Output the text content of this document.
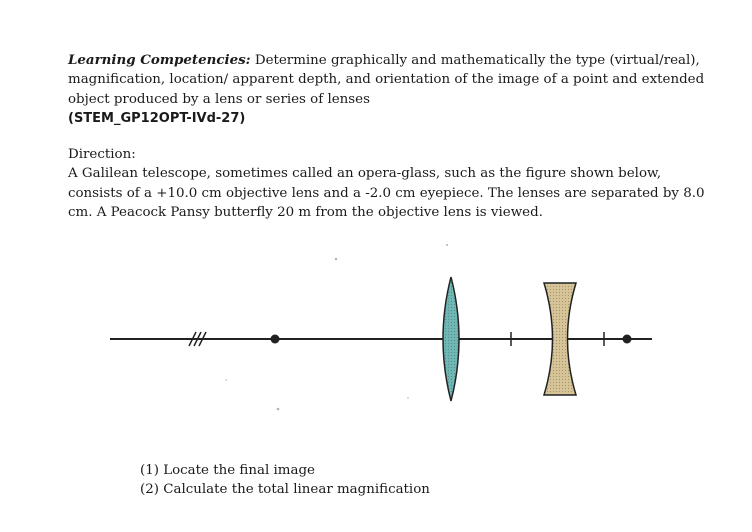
Learning Competencies: Determine graphically and mathematically the type (virtual/real), magnification, location/ apparent depth, and orientation of the image of a point and extended object produced by a lens or series of lenses
(STEM_GP12OPT-IVd-27)
Direction:
A Galilean telescope, sometimes called an opera-glass, such as the figure shown below, consists of a +10.0 cm objective lens and a -2.0 cm eyepiece. The lenses are separated by 8.0 cm. A Peacock Pansy butterfly 20 m from the objective lens is viewed.
(1) Locate the final image
(2) Calculate the total linear magnification
